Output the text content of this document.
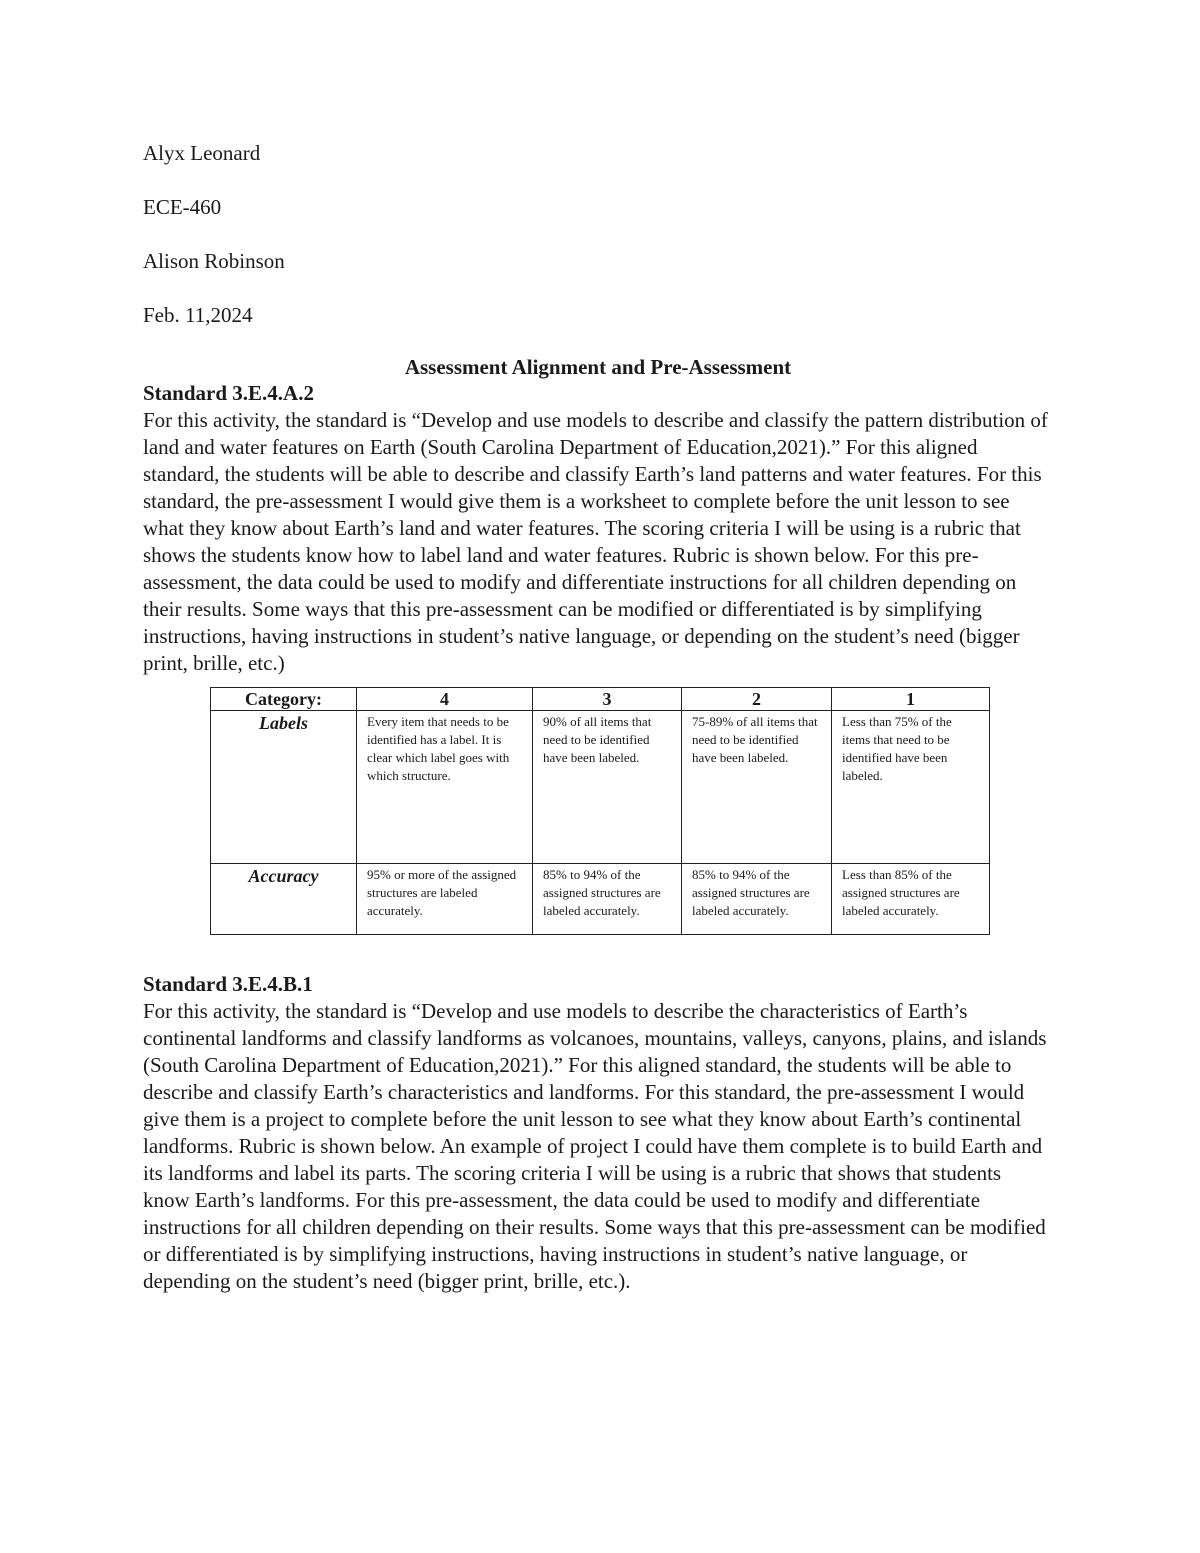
Alyx Leonard

ECE-460

Alison Robinson

Feb. 11,2024

Assessment Alignment and Pre-Assessment

Standard 3.E.4.A.2

For this activity, the standard is “Develop and use models to describe and classify the pattern distribution of land and water features on Earth (South Carolina Department of Education,2021).” For this aligned standard, the students will be able to describe and classify Earth’s land patterns and water features. For this standard, the pre-assessment I would give them is a worksheet to complete before the unit lesson to see what they know about Earth’s land and water features. The scoring criteria I will be using is a rubric that shows the students know how to label land and water features. Rubric is shown below. For this pre-assessment, the data could be used to modify and differentiate instructions for all children depending on their results. Some ways that this pre-assessment can be modified or differentiated is by simplifying instructions, having instructions in student’s native language, or depending on the student’s need (bigger print, brille, etc.)

Category:	4	3	2	1
Labels	Every item that needs to be identified has a label. It is clear which label goes with which structure.	90% of all items that need to be identified have been labeled.	75-89% of all items that need to be identified have been labeled.	Less than 75% of the items that need to be identified have been labeled.
Accuracy	95% or more of the assigned structures are labeled accurately.	85% to 94% of the assigned structures are labeled accurately.	85% to 94% of the assigned structures are labeled accurately.	Less than 85% of the assigned structures are labeled accurately.

Standard 3.E.4.B.1

For this activity, the standard is “Develop and use models to describe the characteristics of Earth’s continental landforms and classify landforms as volcanoes, mountains, valleys, canyons, plains, and islands (South Carolina Department of Education,2021).” For this aligned standard, the students will be able to describe and classify Earth’s characteristics and landforms. For this standard, the pre-assessment I would give them is a project to complete before the unit lesson to see what they know about Earth’s continental landforms. Rubric is shown below. An example of project I could have them complete is to build Earth and its landforms and label its parts. The scoring criteria I will be using is a rubric that shows that students know Earth’s landforms. For this pre-assessment, the data could be used to modify and differentiate instructions for all children depending on their results. Some ways that this pre-assessment can be modified or differentiated is by simplifying instructions, having instructions in student’s native language, or depending on the student’s need (bigger print, brille, etc.).
